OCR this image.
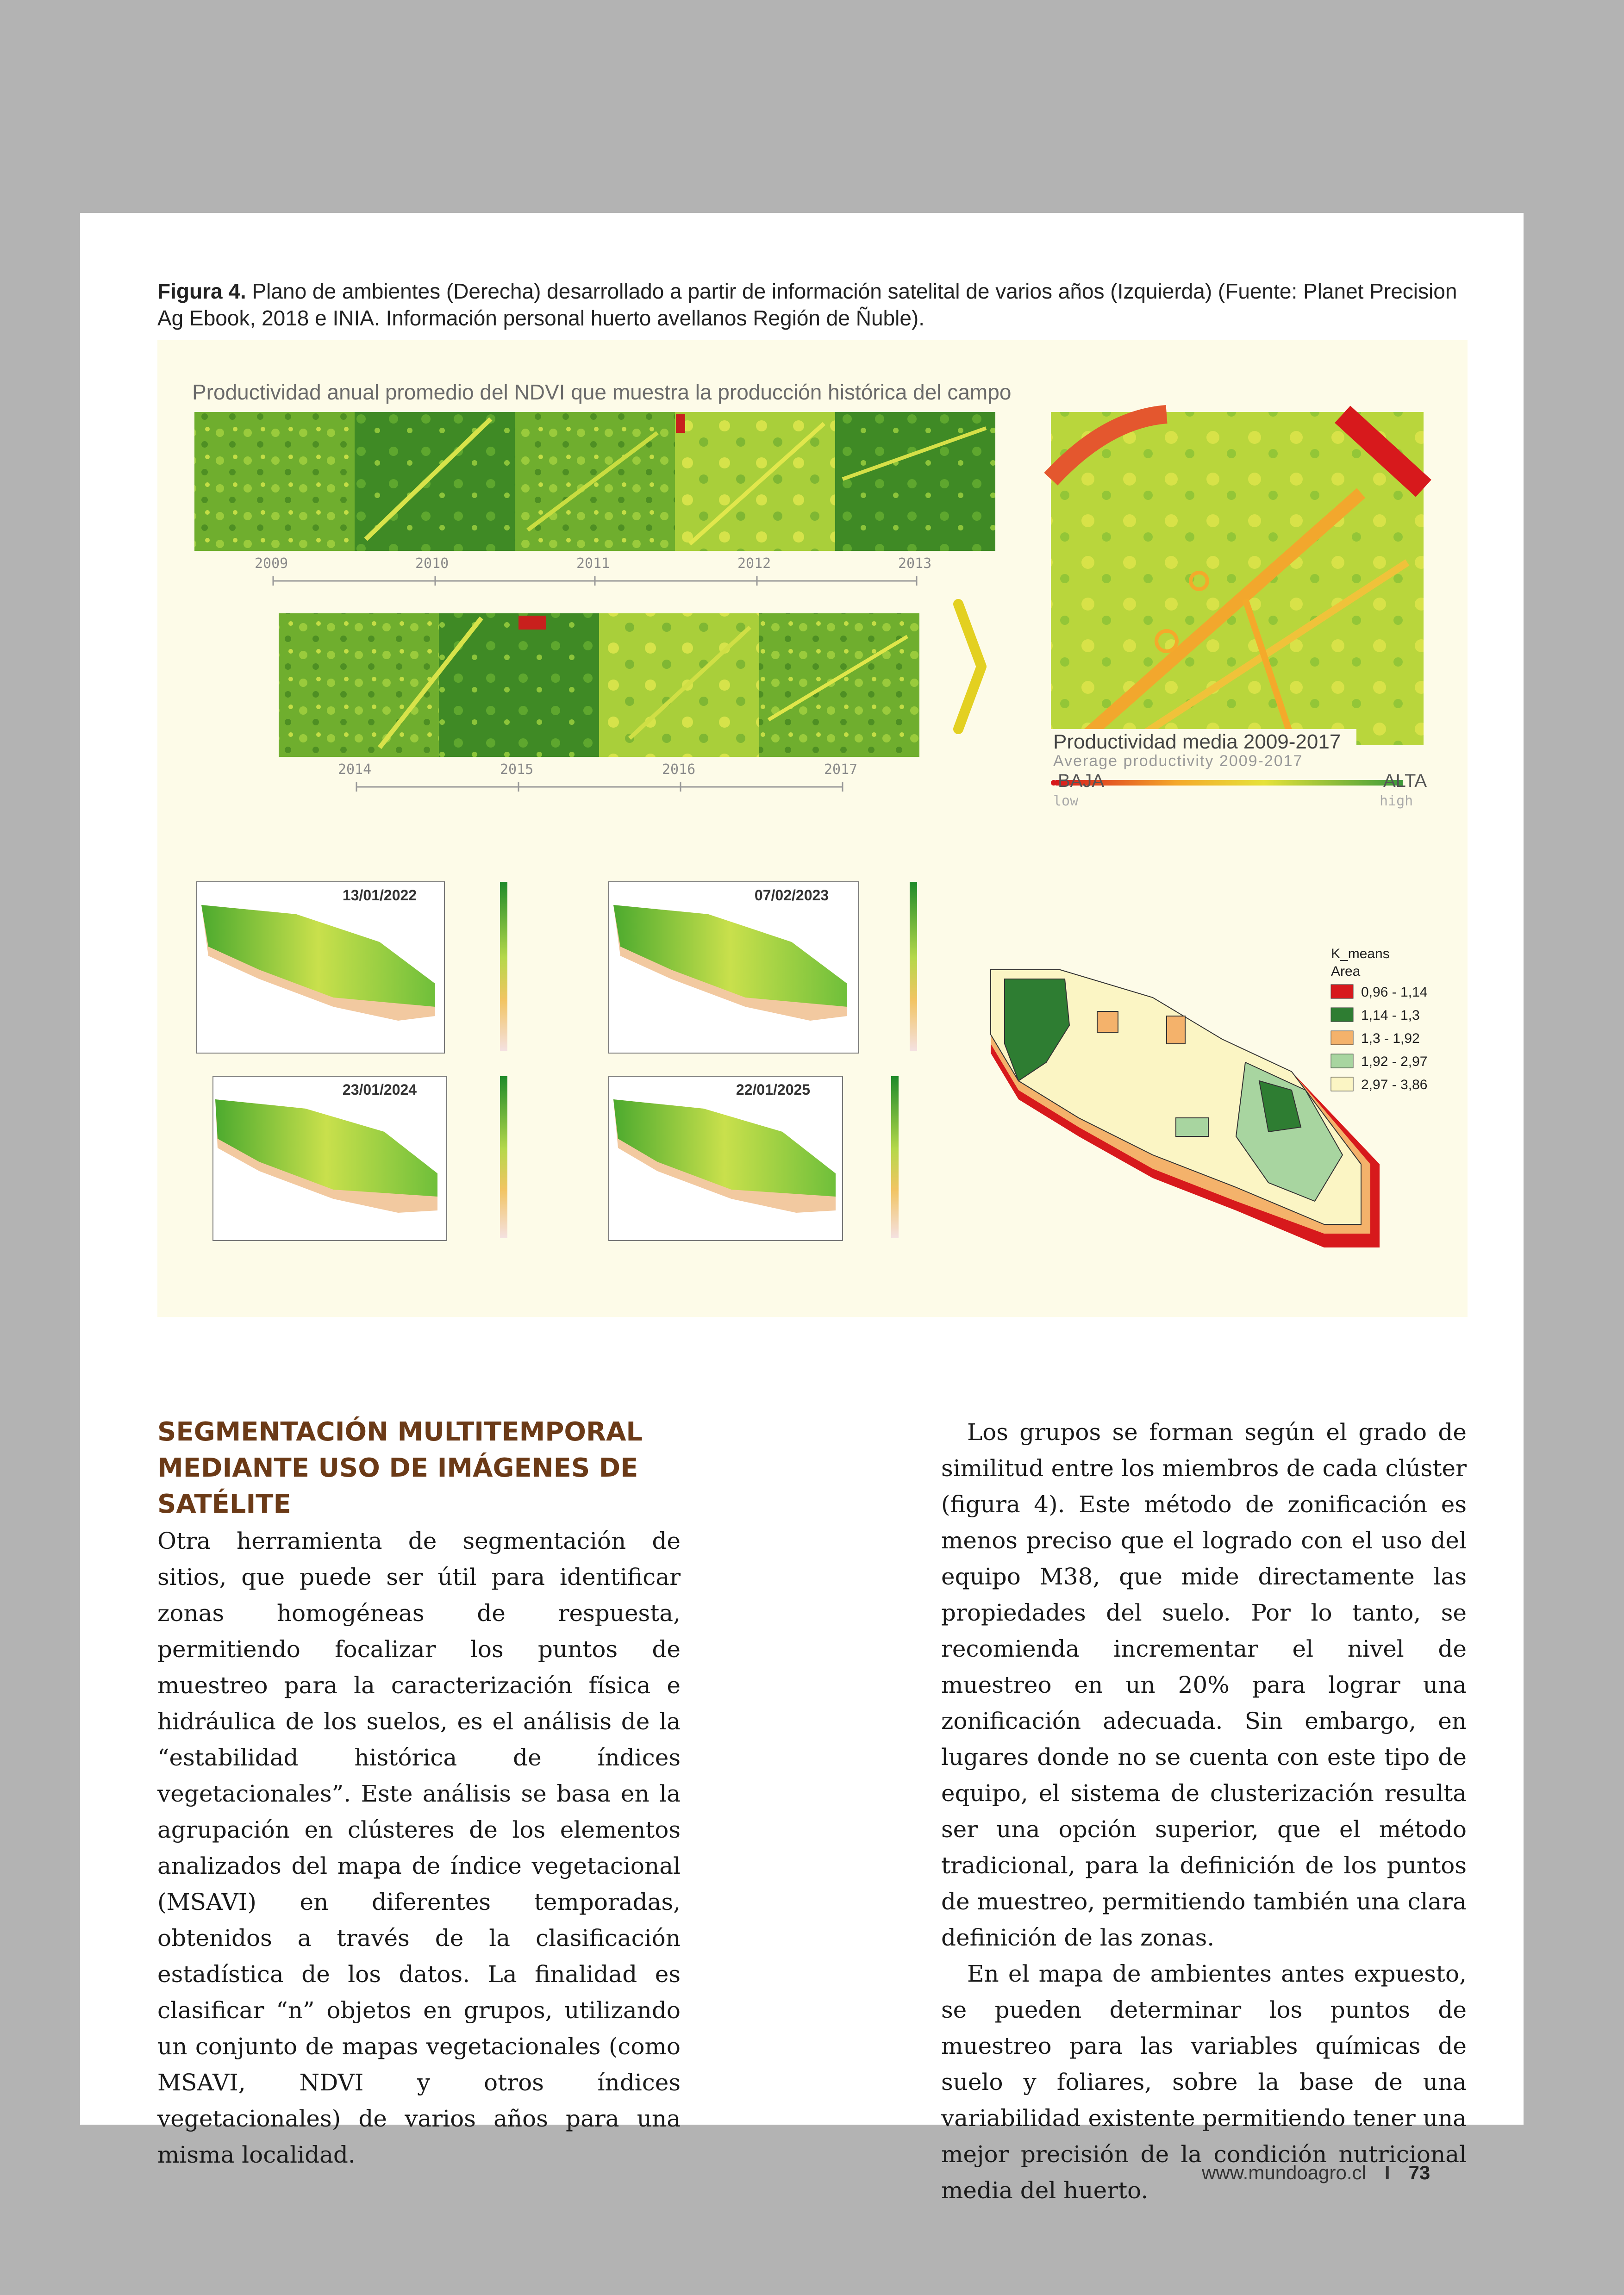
Figura 4. Plano de ambientes (Derecha) desarrollado a partir de información satelital de varios años (Izquierda) (Fuente: Planet Precision Ag Ebook, 2018 e INIA. Información personal huerto avellanos Región de Ñuble).
Productividad anual promedio del NDVI que muestra la producción histórica del campo
13/01/2022	07/02/2023
23/01/2024	22/01/2025
K_means
Area
0,96 - 1,14
1,14 - 1,3
1,3 - 1,92
1,92 - 2,97
2,97 - 3,86
2009	2010	2011	2012	2013
2014	2015	2016	2017
Productividad media 2009-2017
Average productivity 2009-2017
BAJA
low
ALTA
high
SEGMENTACIÓN MULTITEMPORAL MEDIANTE USO DE IMÁGENES DE SATÉLITE

Otra herramienta de segmentación de sitios, que puede ser útil para identificar zonas homogéneas de respuesta, permitiendo focalizar los puntos de muestreo para la caracterización física e hidráulica de los suelos, es el análisis de la “estabilidad histórica de índices vegetacionales”. Este análisis se basa en la agrupación en clústeres de los elementos analizados del mapa de índice vegetacional (MSAVI) en diferentes temporadas, obtenidos a través de la clasificación estadística de los datos. La finalidad es clasificar “n” objetos en grupos, utilizando un conjunto de mapas vegetacionales (como MSAVI, NDVI y otros índices vegetacionales) de varios años para una misma localidad.

Los grupos se forman según el grado de similitud entre los miembros de cada clúster (figura 4). Este método de zonificación es menos preciso que el logrado con el uso del equipo M38, que mide directamente las propiedades del suelo. Por lo tanto, se recomienda incrementar el nivel de muestreo en un 20% para lograr una zonificación adecuada. Sin embargo, en lugares donde no se cuenta con este tipo de equipo, el sistema de clusterización resulta ser una opción superior, que el método tradicional, para la definición de los puntos de muestreo, permitiendo también una clara definición de las zonas.

En el mapa de ambientes antes expuesto, se pueden determinar los puntos de muestreo para las variables químicas de suelo y foliares, sobre la base de una variabilidad existente permitiendo tener una mejor precisión de la condición nutricional media del huerto.

www.mundoagro.cl I 73
